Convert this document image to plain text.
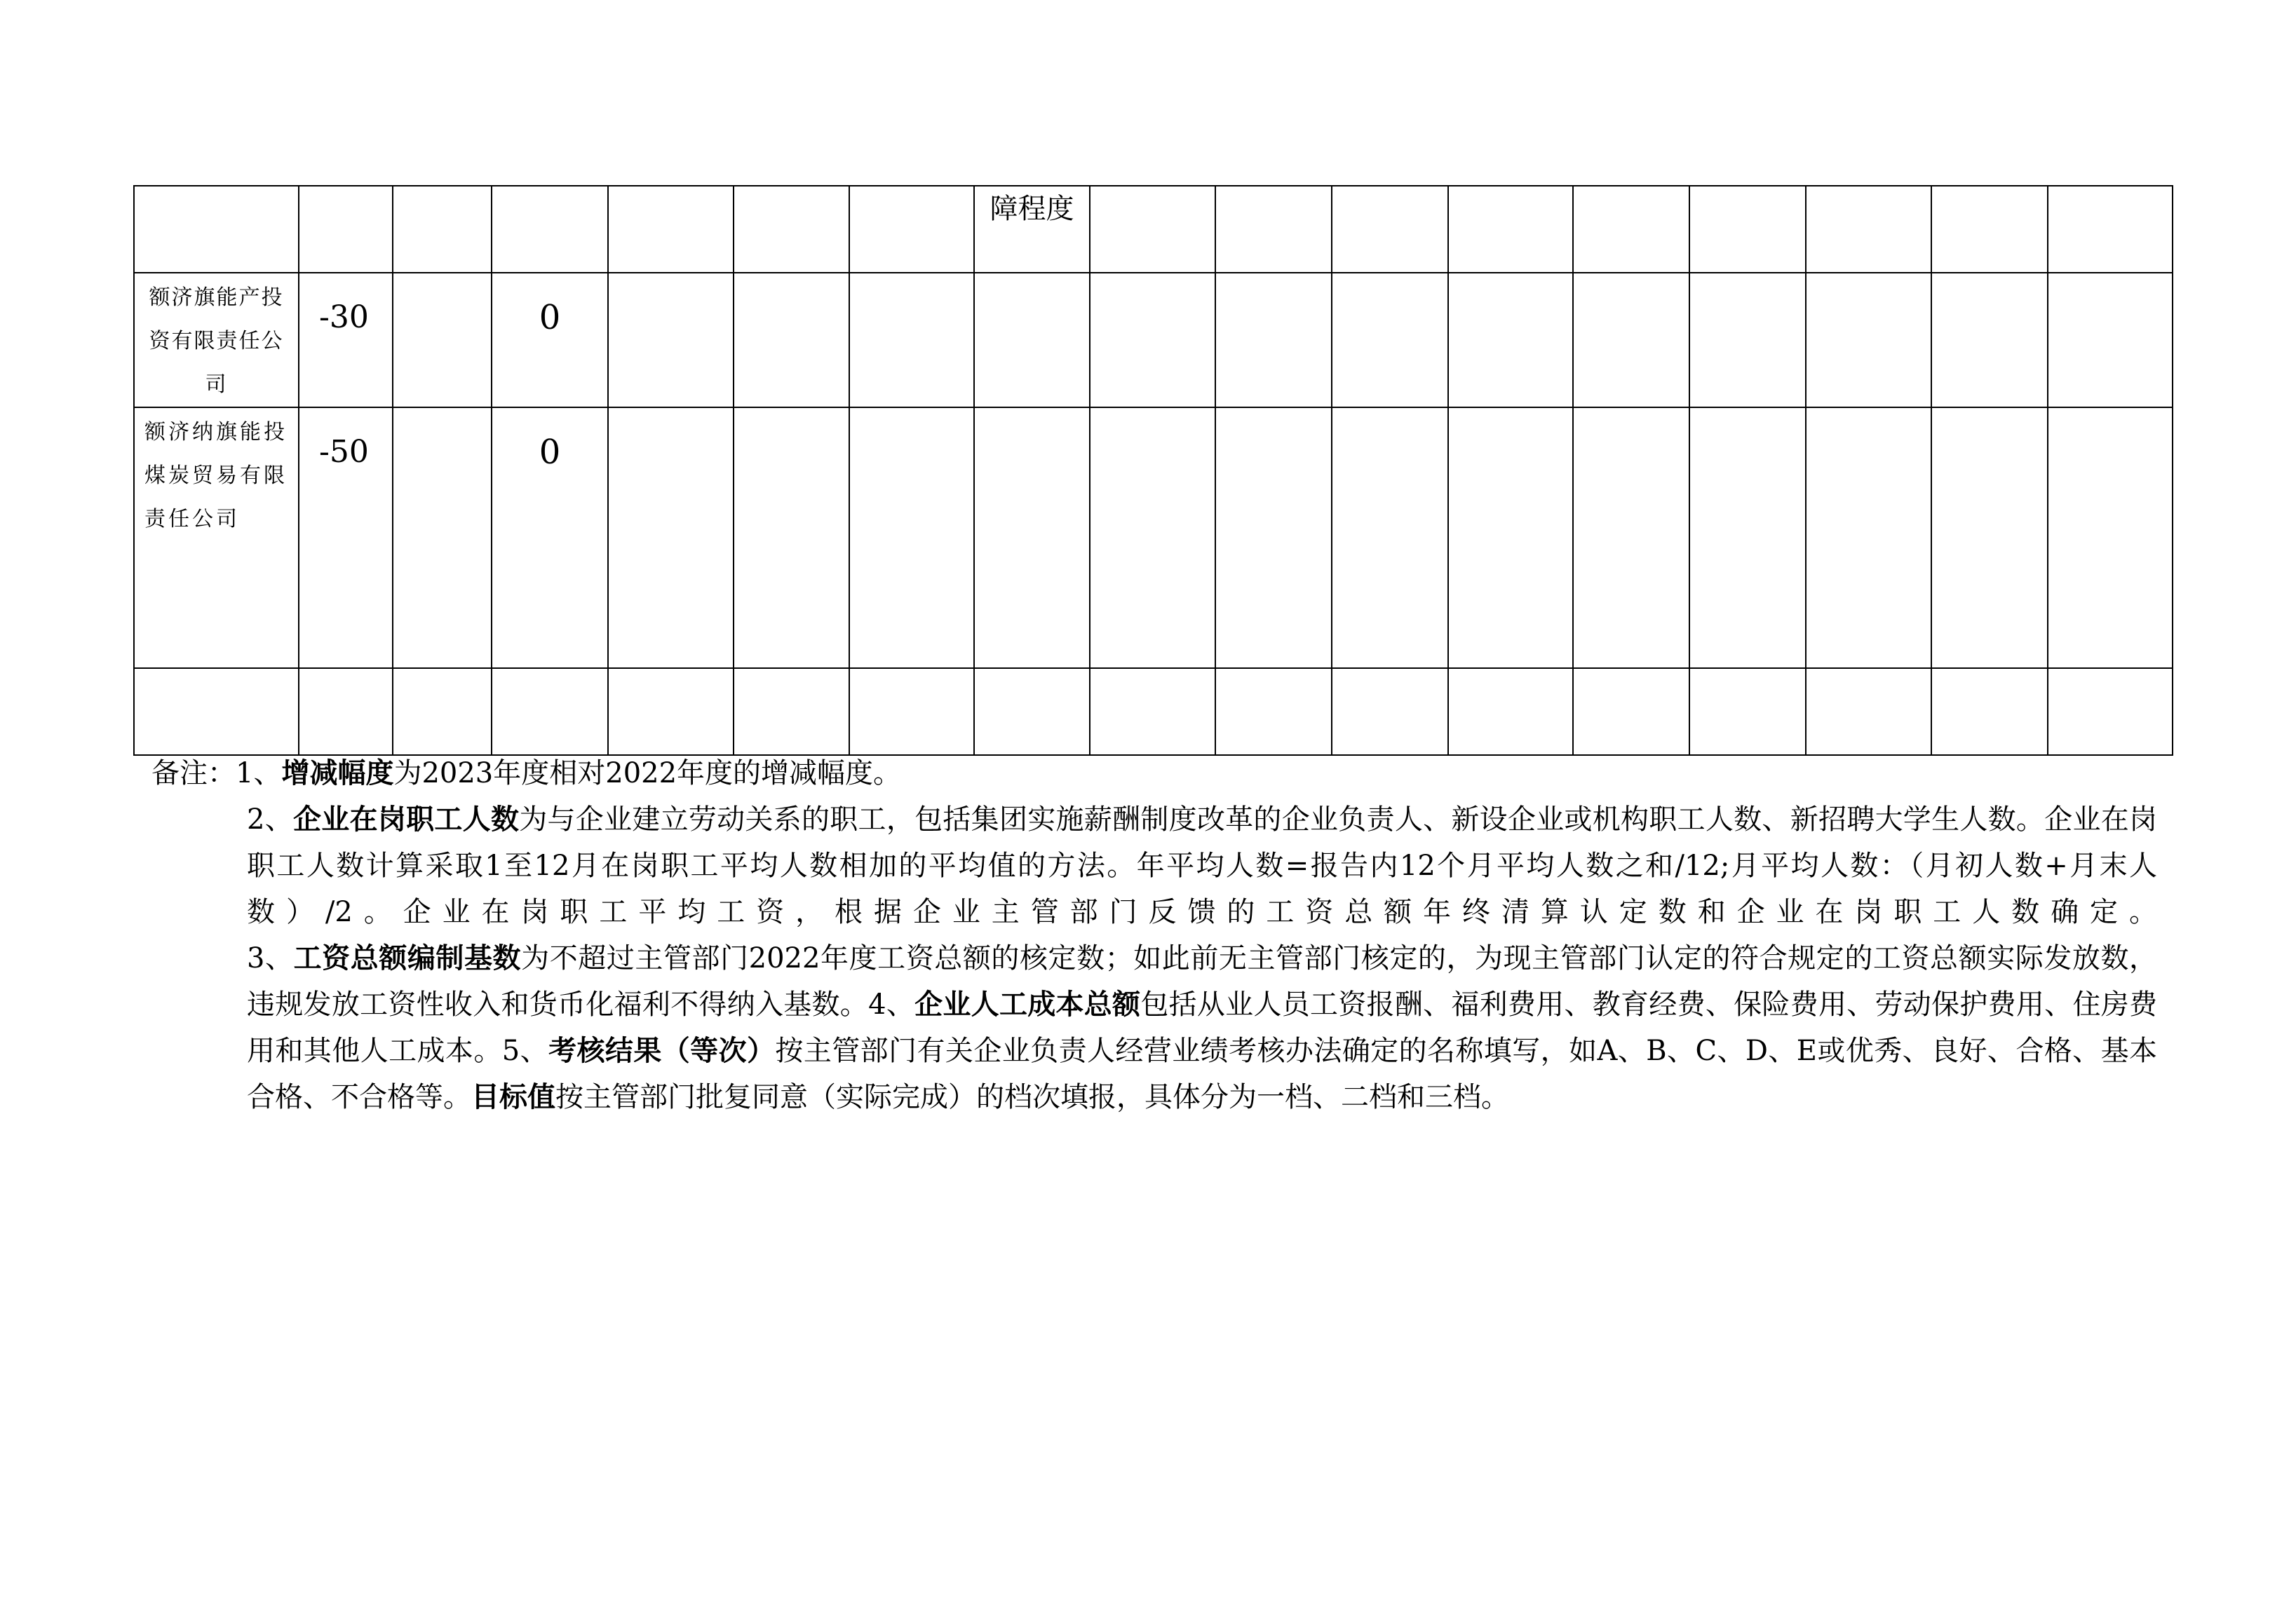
							障程度									

额济旗能产投资有限责任公司	-30		0													

额济纳旗能投煤炭贸易有限责任公司	-50		0													

备注：1、增减幅度为2023年度相对2022年度的增减幅度。

2、企业在岗职工人数为与企业建立劳动关系的职工，包括集团实施薪酬制度改革的企业负责人、新设企业或机构职工人数、新招聘大学生人数。企业在岗职工人数计算采取1至12月在岗职工平均人数相加的平均值的方法。年平均人数=报告内12个月平均人数之和/12;月平均人数：（月初人数+月末人数）/2。企业在岗职工平均工资，根据企业主管部门反馈的工资总额年终清算认定数和企业在岗职工人数确定。

3、工资总额编制基数为不超过主管部门2022年度工资总额的核定数；如此前无主管部门核定的，为现主管部门认定的符合规定的工资总额实际发放数，违规发放工资性收入和货币化福利不得纳入基数。4、企业人工成本总额包括从业人员工资报酬、福利费用、教育经费、保险费用、劳动保护费用、住房费用和其他人工成本。5、考核结果（等次）按主管部门有关企业负责人经营业绩考核办法确定的名称填写，如A、B、C、D、E或优秀、良好、合格、基本合格、不合格等。目标值按主管部门批复同意（实际完成）的档次填报，具体分为一档、二档和三档。
